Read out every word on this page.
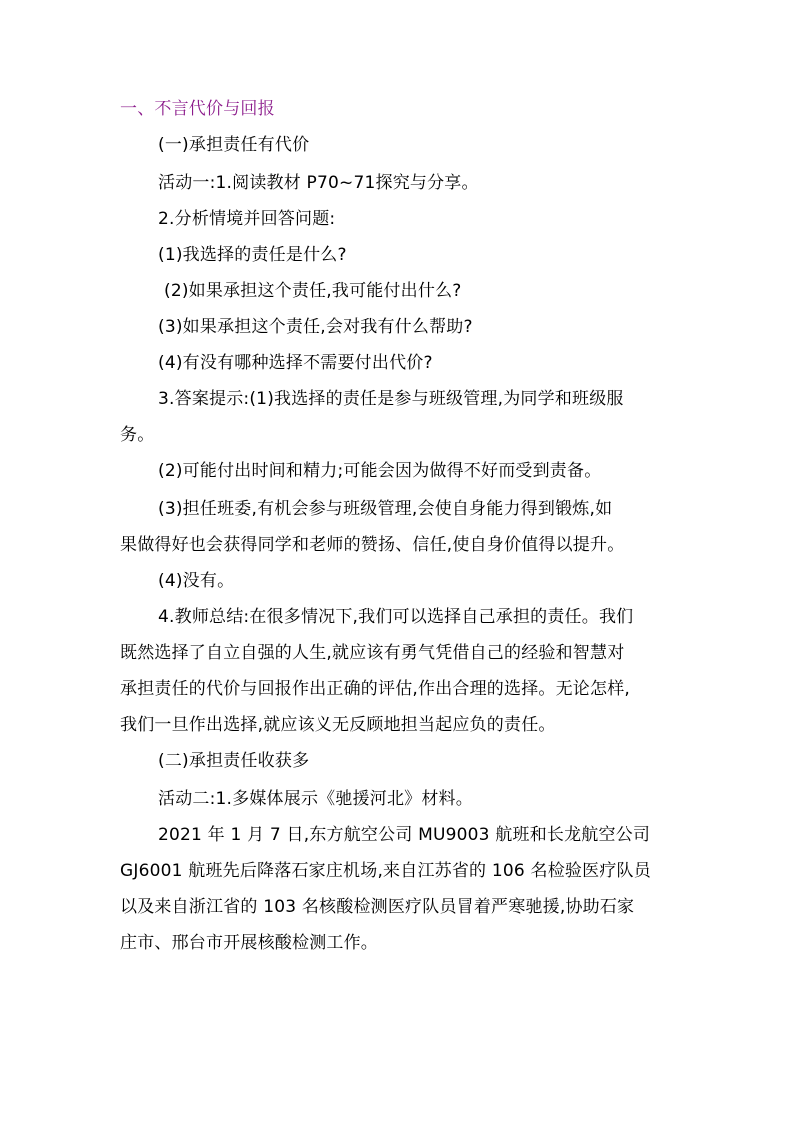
一、不言代价与回报
(一)承担责任有代价
活动一:1.阅读教材 P70~71探究与分享。
2.分析情境并回答问题:
(1)我选择的责任是什么?
(2)如果承担这个责任,我可能付出什么?
(3)如果承担这个责任,会对我有什么帮助?
(4)有没有哪种选择不需要付出代价?
3.答案提示:(1)我选择的责任是参与班级管理,为同学和班级服
务。
(2)可能付出时间和精力;可能会因为做得不好而受到责备。
(3)担任班委,有机会参与班级管理,会使自身能力得到锻炼,如
果做得好也会获得同学和老师的赞扬、信任,使自身价值得以提升。
(4)没有。
4.教师总结:在很多情况下,我们可以选择自己承担的责任。我们
既然选择了自立自强的人生,就应该有勇气凭借自己的经验和智慧对
承担责任的代价与回报作出正确的评估,作出合理的选择。无论怎样,
我们一旦作出选择,就应该义无反顾地担当起应负的责任。
(二)承担责任收获多
活动二:1.多媒体展示《驰援河北》材料。
2021 年 1 月 7 日,东方航空公司 MU9003 航班和长龙航空公司
GJ6001 航班先后降落石家庄机场,来自江苏省的 106 名检验医疗队员
以及来自浙江省的 103 名核酸检测医疗队员冒着严寒驰援,协助石家
庄市、邢台市开展核酸检测工作。
